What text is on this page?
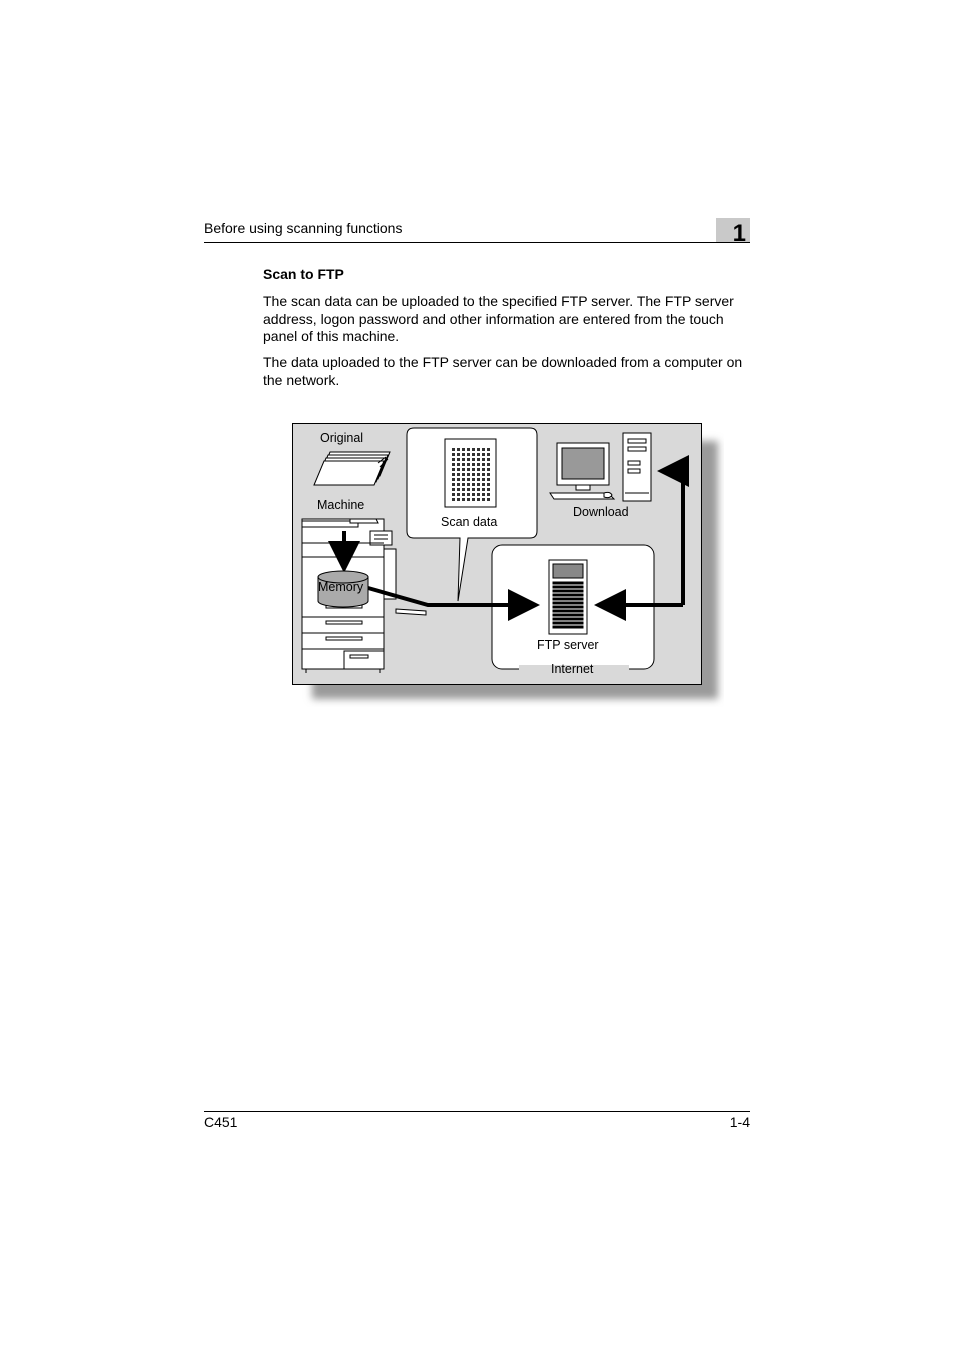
Before using scanning functions	1
Scan to FTP
The scan data can be uploaded to the specified FTP server. The FTP server address, logon password and other information are entered from the touch panel of this machine.
The data uploaded to the FTP server can be downloaded from a computer on the network.
Original
Machine
Memory
Scan data
Download
Internet
FTP server
C451	1-4
